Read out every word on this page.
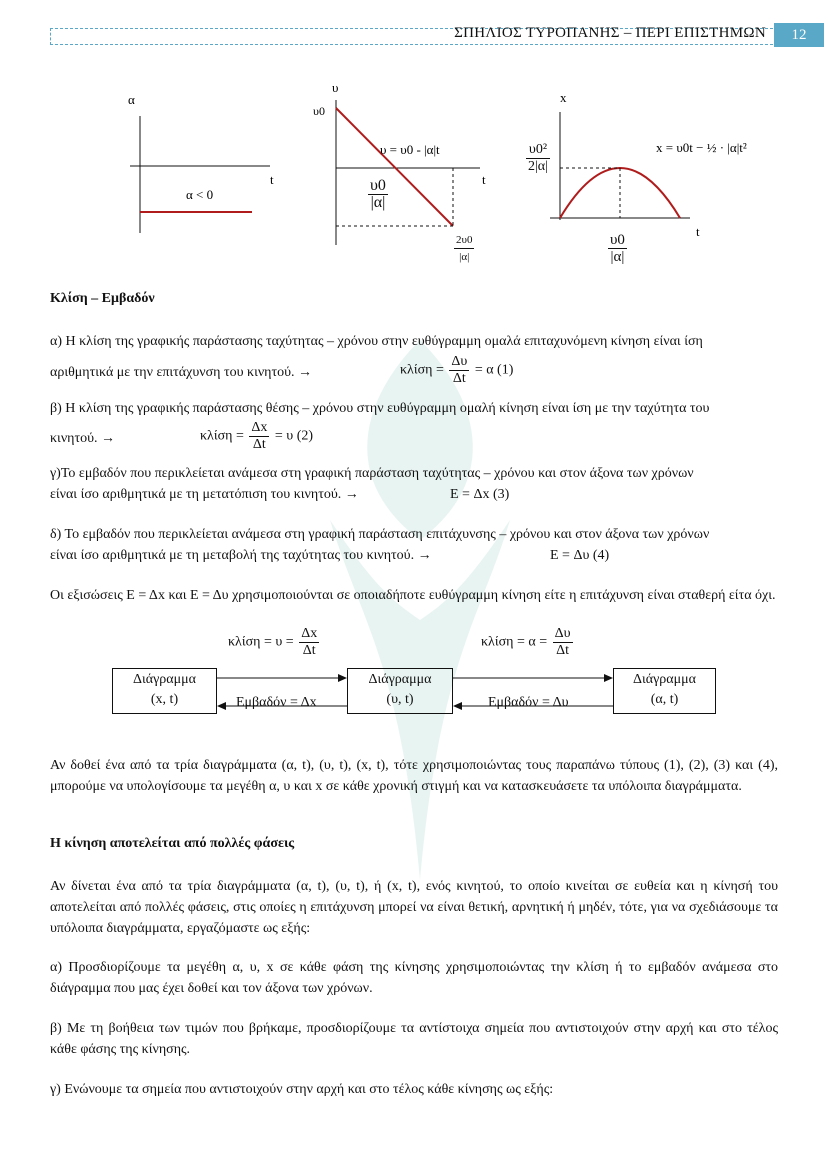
ΣΠΗΛΙΟΣ ΤΥΡΟΠΑΝΗΣ – ΠΕΡΙ ΕΠΙΣΤΗΜΩΝ	12
α
t
α < 0
υ
υ0
t
υ = υ0 - |α|t
$\frac{\upsilon 0}{|\alpha|}$
$\frac{2\upsilon 0}{|\alpha|}$
x
t
x = υ0t − ½ · |α|t²
$\frac{\text{υ0²}}{2|\alpha|}$
$\frac{\upsilon 0}{|\alpha|}$
Κλίση – Εμβαδόν
α) Η κλίση της γραφικής παράστασης ταχύτητας – χρόνου στην ευθύγραμμη ομαλά επιταχυνόμενη κίνηση είναι ίση
αριθμητικά με την επιτάχυνση του κινητού. →	$\kappa\lambda ί\sigma\eta = \frac{\Delta\upsilon}{\Delta t} = \alpha$ (1)
β) Η κλίση της γραφικής παράστασης θέσης – χρόνου στην ευθύγραμμη ομαλή κίνηση είναι ίση με την ταχύτητα του
κινητού. →	$\kappa\lambda ί\sigma\eta = \frac{\Delta x}{\Delta t} = \upsilon$ (2)
γ)Το εμβαδόν που περικλείεται ανάμεσα στη γραφική παράσταση ταχύτητας – χρόνου και στον άξονα των χρόνων
είναι ίσο αριθμητικά με τη μετατόπιση του κινητού. →	E = Δx (3)
δ) Το εμβαδόν που περικλείεται ανάμεσα στη γραφική παράσταση επιτάχυνσης – χρόνου και στον άξονα των χρόνων
είναι ίσο αριθμητικά με τη μεταβολή της ταχύτητας του κινητού. →	E = Δυ (4)
Οι εξισώσεις Ε = Δx και Ε = Δυ χρησιμοποιούνται σε οποιαδήποτε ευθύγραμμη κίνηση είτε η επιτάχυνση είναι σταθερή είτα όχι.
$\kappa\lambda ί\sigma\eta = \upsilon = \frac{\Delta x}{\Delta t}$	$\kappa\lambda ί\sigma\eta = \alpha = \frac{\Delta\upsilon}{\Delta t}$
Διάγραμμα
(x, t)
Διάγραμμα
(υ, t)
Διάγραμμα
(α, t)
Εμβαδόν = Δx	Εμβαδόν = Δυ
Αν δοθεί ένα από τα τρία διαγράμματα (α, t), (υ, t), (x, t), τότε χρησιμοποιώντας τους παραπάνω τύπους (1), (2), (3) και (4), μπορούμε να υπολογίσουμε τα μεγέθη α, υ και x σε κάθε χρονική στιγμή και να κατασκευάσετε τα υπόλοιπα διαγράμματα.
Η κίνηση αποτελείται από πολλές φάσεις
Αν δίνεται ένα από τα τρία διαγράμματα (α, t), (υ, t), ή (x, t), ενός κινητού, το οποίο κινείται σε ευθεία και η κίνησή του αποτελείται από πολλές φάσεις, στις οποίες η επιτάχυνση μπορεί να είναι θετική, αρνητική ή μηδέν, τότε, για να σχεδιάσουμε τα υπόλοιπα διαγράμματα, εργαζόμαστε ως εξής:
α) Προσδιορίζουμε τα μεγέθη α, υ, x σε κάθε φάση της κίνησης χρησιμοποιώντας την κλίση ή το εμβαδόν ανάμεσα στο διάγραμμα που μας έχει δοθεί και τον άξονα των χρόνων.
β) Με τη βοήθεια των τιμών που βρήκαμε, προσδιορίζουμε τα αντίστοιχα σημεία που αντιστοιχούν στην αρχή και στο τέλος κάθε φάσης της κίνησης.
γ) Ενώνουμε τα σημεία που αντιστοιχούν στην αρχή και στο τέλος κάθε κίνησης ως εξής:
